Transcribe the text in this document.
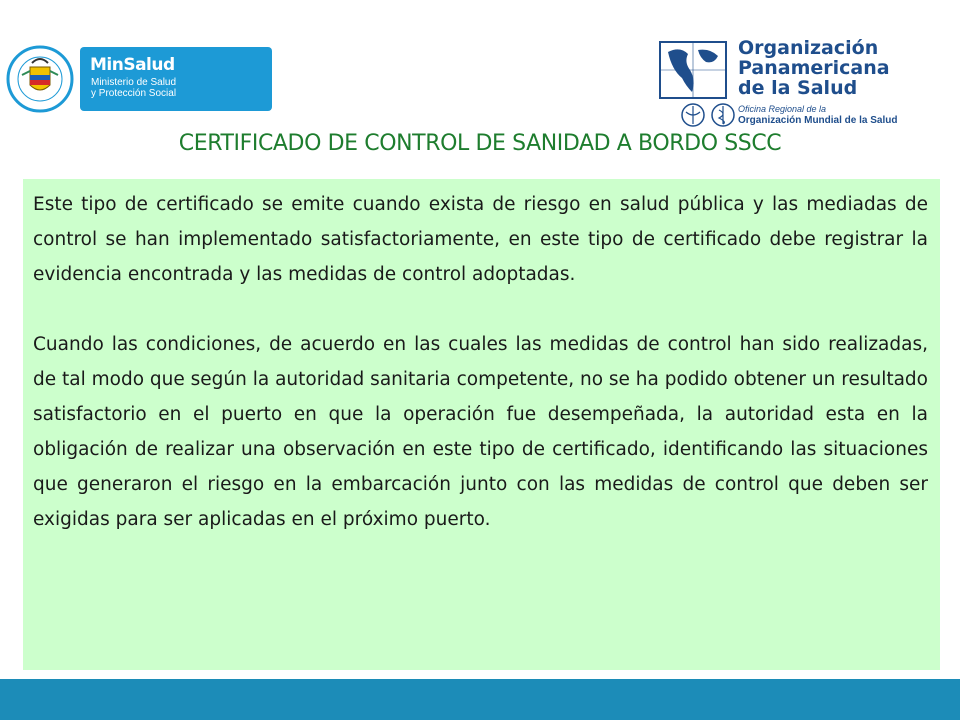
MinSalud
Ministerio de Salud
y Protección Social
Organización
Panamericana
de la Salud
Oficina Regional de la
Organización Mundial de la Salud
CERTIFICADO DE CONTROL DE SANIDAD A BORDO SSCC

Este tipo de certificado se emite cuando exista de riesgo en salud pública y las mediadas de control se han implementado satisfactoriamente, en este tipo de certificado debe registrar la evidencia encontrada y las medidas de control adoptadas.

Cuando las condiciones, de acuerdo en las cuales las medidas de control han sido realizadas, de tal modo que según la autoridad sanitaria competente, no se ha podido obtener un resultado satisfactorio en el puerto en que la operación fue desempeñada, la autoridad esta en la obligación de realizar una observación en este tipo de certificado, identificando las situaciones que generaron el riesgo en la embarcación junto con las medidas de control que deben ser exigidas para ser aplicadas en el próximo puerto.
